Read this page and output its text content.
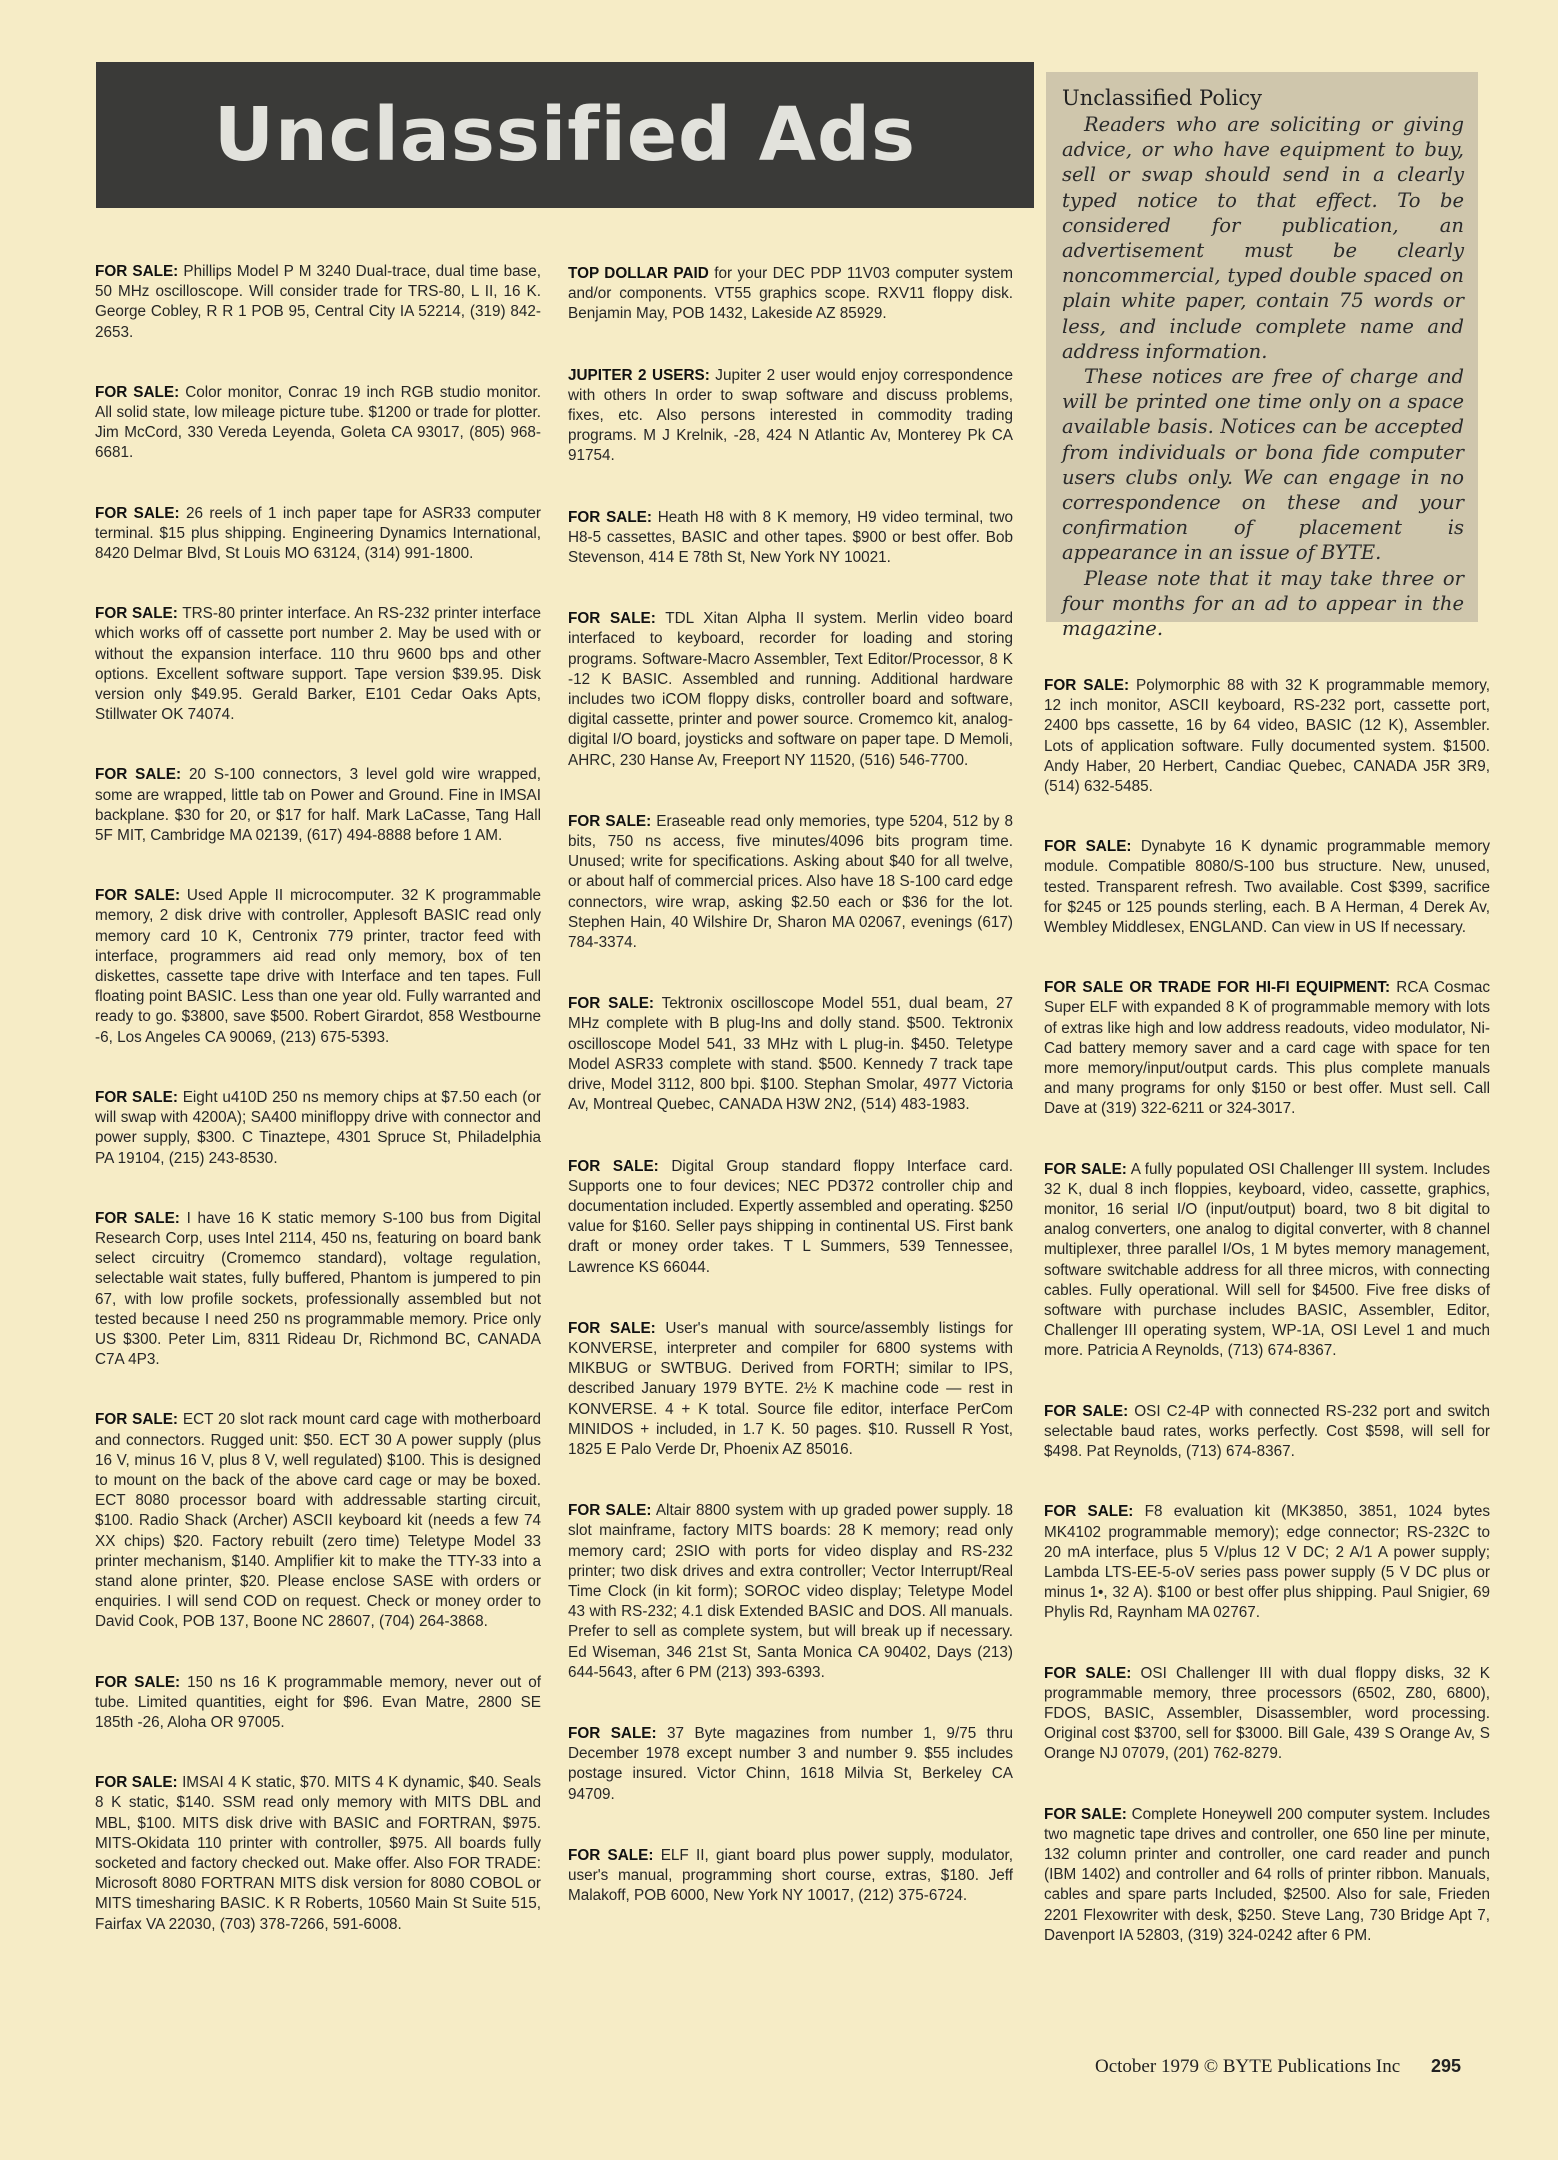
Unclassified Ads	Unclassified Policy

Readers who are soliciting or giving advice, or who have equipment to buy, sell or swap should send in a clearly typed notice to that effect. To be considered for publication, an advertisement must be clearly noncommercial, typed double spaced on plain white paper, contain 75 words or less, and include complete name and address information.

These notices are free of charge and will be printed one time only on a space available basis. Notices can be accepted from individuals or bona fide computer users clubs only. We can engage in no correspondence on these and your confirmation of placement is appearance in an issue of BYTE.

Please note that it may take three or four months for an ad to appear in the magazine.

FOR SALE: Phillips Model P M 3240 Dual-trace, dual time base, 50 MHz oscilloscope. Will consider trade for TRS-80, L II, 16 K. George Cobley, R R 1 POB 95, Central City IA 52214, (319) 842-2653.

FOR SALE: Color monitor, Conrac 19 inch RGB studio monitor. All solid state, low mileage picture tube. $1200 or trade for plotter. Jim McCord, 330 Vereda Leyenda, Goleta CA 93017, (805) 968-6681.

FOR SALE: 26 reels of 1 inch paper tape for ASR33 computer terminal. $15 plus shipping. Engineering Dynamics International, 8420 Delmar Blvd, St Louis MO 63124, (314) 991-1800.

FOR SALE: TRS-80 printer interface. An RS-232 printer interface which works off of cassette port number 2. May be used with or without the expansion interface. 110 thru 9600 bps and other options. Excellent software support. Tape version $39.95. Disk version only $49.95. Gerald Barker, E101 Cedar Oaks Apts, Stillwater OK 74074.

FOR SALE: 20 S-100 connectors, 3 level gold wire wrapped, some are wrapped, little tab on Power and Ground. Fine in IMSAI backplane. $30 for 20, or $17 for half. Mark LaCasse, Tang Hall 5F MIT, Cambridge MA 02139, (617) 494-8888 before 1 AM.

FOR SALE: Used Apple II microcomputer. 32 K programmable memory, 2 disk drive with controller, Applesoft BASIC read only memory card 10 K, Centronix 779 printer, tractor feed with interface, programmers aid read only memory, box of ten diskettes, cassette tape drive with Interface and ten tapes. Full floating point BASIC. Less than one year old. Fully warranted and ready to go. $3800, save $500. Robert Girardot, 858 Westbourne -6, Los Angeles CA 90069, (213) 675-5393.

FOR SALE: Eight u410D 250 ns memory chips at $7.50 each (or will swap with 4200A); SA400 minifloppy drive with connector and power supply, $300. C Tinaztepe, 4301 Spruce St, Philadelphia PA 19104, (215) 243-8530.

FOR SALE: I have 16 K static memory S-100 bus from Digital Research Corp, uses Intel 2114, 450 ns, featuring on board bank select circuitry (Cromemco standard), voltage regulation, selectable wait states, fully buffered, Phantom is jumpered to pin 67, with low profile sockets, professionally assembled but not tested because I need 250 ns programmable memory. Price only US $300. Peter Lim, 8311 Rideau Dr, Richmond BC, CANADA C7A 4P3.

FOR SALE: ECT 20 slot rack mount card cage with motherboard and connectors. Rugged unit: $50. ECT 30 A power supply (plus 16 V, minus 16 V, plus 8 V, well regulated) $100. This is designed to mount on the back of the above card cage or may be boxed. ECT 8080 processor board with addressable starting circuit, $100. Radio Shack (Archer) ASCII keyboard kit (needs a few 74 XX chips) $20. Factory rebuilt (zero time) Teletype Model 33 printer mechanism, $140. Amplifier kit to make the TTY-33 into a stand alone printer, $20. Please enclose SASE with orders or enquiries. I will send COD on request. Check or money order to David Cook, POB 137, Boone NC 28607, (704) 264-3868.

FOR SALE: 150 ns 16 K programmable memory, never out of tube. Limited quantities, eight for $96. Evan Matre, 2800 SE 185th -26, Aloha OR 97005.

FOR SALE: IMSAI 4 K static, $70. MITS 4 K dynamic, $40. Seals 8 K static, $140. SSM read only memory with MITS DBL and MBL, $100. MITS disk drive with BASIC and FORTRAN, $975. MITS-Okidata 110 printer with controller, $975. All boards fully socketed and factory checked out. Make offer. Also FOR TRADE: Microsoft 8080 FORTRAN MITS disk version for 8080 COBOL or MITS timesharing BASIC. K R Roberts, 10560 Main St Suite 515, Fairfax VA 22030, (703) 378-7266, 591-6008.

TOP DOLLAR PAID for your DEC PDP 11V03 computer system and/or components. VT55 graphics scope. RXV11 floppy disk. Benjamin May, POB 1432, Lakeside AZ 85929.

JUPITER 2 USERS: Jupiter 2 user would enjoy correspondence with others In order to swap software and discuss problems, fixes, etc. Also persons interested in commodity trading programs. M J Krelnik, -28, 424 N Atlantic Av, Monterey Pk CA 91754.

FOR SALE: Heath H8 with 8 K memory, H9 video terminal, two H8-5 cassettes, BASIC and other tapes. $900 or best offer. Bob Stevenson, 414 E 78th St, New York NY 10021.

FOR SALE: TDL Xitan Alpha II system. Merlin video board interfaced to keyboard, recorder for loading and storing programs. Software-Macro Assembler, Text Editor/Processor, 8 K -12 K BASIC. Assembled and running. Additional hardware includes two iCOM floppy disks, controller board and software, digital cassette, printer and power source. Cromemco kit, analog-digital I/O board, joysticks and software on paper tape. D Memoli, AHRC, 230 Hanse Av, Freeport NY 11520, (516) 546-7700.

FOR SALE: Eraseable read only memories, type 5204, 512 by 8 bits, 750 ns access, five minutes/4096 bits program time. Unused; write for specifications. Asking about $40 for all twelve, or about half of commercial prices. Also have 18 S-100 card edge connectors, wire wrap, asking $2.50 each or $36 for the lot. Stephen Hain, 40 Wilshire Dr, Sharon MA 02067, evenings (617) 784-3374.

FOR SALE: Tektronix oscilloscope Model 551, dual beam, 27 MHz complete with B plug-Ins and dolly stand. $500. Tektronix oscilloscope Model 541, 33 MHz with L plug-in. $450. Teletype Model ASR33 complete with stand. $500. Kennedy 7 track tape drive, Model 3112, 800 bpi. $100. Stephan Smolar, 4977 Victoria Av, Montreal Quebec, CANADA H3W 2N2, (514) 483-1983.

FOR SALE: Digital Group standard floppy Interface card. Supports one to four devices; NEC PD372 controller chip and documentation included. Expertly assembled and operating. $250 value for $160. Seller pays shipping in continental US. First bank draft or money order takes. T L Summers, 539 Tennessee, Lawrence KS 66044.

FOR SALE: User's manual with source/assembly listings for KONVERSE, interpreter and compiler for 6800 systems with MIKBUG or SWTBUG. Derived from FORTH; similar to IPS, described January 1979 BYTE. 2½ K machine code — rest in KONVERSE. 4 + K total. Source file editor, interface PerCom MINIDOS + included, in 1.7 K. 50 pages. $10. Russell R Yost, 1825 E Palo Verde Dr, Phoenix AZ 85016.

FOR SALE: Altair 8800 system with up graded power supply. 18 slot mainframe, factory MITS boards: 28 K memory; read only memory card; 2SIO with ports for video display and RS-232 printer; two disk drives and extra controller; Vector Interrupt/Real Time Clock (in kit form); SOROC video display; Teletype Model 43 with RS-232; 4.1 disk Extended BASIC and DOS. All manuals. Prefer to sell as complete system, but will break up if necessary. Ed Wiseman, 346 21st St, Santa Monica CA 90402, Days (213) 644-5643, after 6 PM (213) 393-6393.

FOR SALE: 37 Byte magazines from number 1, 9/75 thru December 1978 except number 3 and number 9. $55 includes postage insured. Victor Chinn, 1618 Milvia St, Berkeley CA 94709.

FOR SALE: ELF II, giant board plus power supply, modulator, user's manual, programming short course, extras, $180. Jeff Malakoff, POB 6000, New York NY 10017, (212) 375-6724.

FOR SALE: Polymorphic 88 with 32 K programmable memory, 12 inch monitor, ASCII keyboard, RS-232 port, cassette port, 2400 bps cassette, 16 by 64 video, BASIC (12 K), Assembler. Lots of application software. Fully documented system. $1500. Andy Haber, 20 Herbert, Candiac Quebec, CANADA J5R 3R9, (514) 632-5485.

FOR SALE: Dynabyte 16 K dynamic programmable memory module. Compatible 8080/S-100 bus structure. New, unused, tested. Transparent refresh. Two available. Cost $399, sacrifice for $245 or 125 pounds sterling, each. B A Herman, 4 Derek Av, Wembley Middlesex, ENGLAND. Can view in US If necessary.

FOR SALE OR TRADE FOR HI-FI EQUIPMENT: RCA Cosmac Super ELF with expanded 8 K of programmable memory with lots of extras like high and low address readouts, video modulator, Ni-Cad battery memory saver and a card cage with space for ten more memory/input/output cards. This plus complete manuals and many programs for only $150 or best offer. Must sell. Call Dave at (319) 322-6211 or 324-3017.

FOR SALE: A fully populated OSI Challenger III system. Includes 32 K, dual 8 inch floppies, keyboard, video, cassette, graphics, monitor, 16 serial I/O (input/output) board, two 8 bit digital to analog converters, one analog to digital converter, with 8 channel multiplexer, three parallel I/Os, 1 M bytes memory management, software switchable address for all three micros, with connecting cables. Fully operational. Will sell for $4500. Five free disks of software with purchase includes BASIC, Assembler, Editor, Challenger III operating system, WP-1A, OSI Level 1 and much more. Patricia A Reynolds, (713) 674-8367.

FOR SALE: OSI C2-4P with connected RS-232 port and switch selectable baud rates, works perfectly. Cost $598, will sell for $498. Pat Reynolds, (713) 674-8367.

FOR SALE: F8 evaluation kit (MK3850, 3851, 1024 bytes MK4102 programmable memory); edge connector; RS-232C to 20 mA interface, plus 5 V/plus 12 V DC; 2 A/1 A power supply; Lambda LTS-EE-5-oV series pass power supply (5 V DC plus or minus 1•, 32 A). $100 or best offer plus shipping. Paul Snigier, 69 Phylis Rd, Raynham MA 02767.

FOR SALE: OSI Challenger III with dual floppy disks, 32 K programmable memory, three processors (6502, Z80, 6800), FDOS, BASIC, Assembler, Disassembler, word processing. Original cost $3700, sell for $3000. Bill Gale, 439 S Orange Av, S Orange NJ 07079, (201) 762-8279.

FOR SALE: Complete Honeywell 200 computer system. Includes two magnetic tape drives and controller, one 650 line per minute, 132 column printer and controller, one card reader and punch (IBM 1402) and controller and 64 rolls of printer ribbon. Manuals, cables and spare parts Included, $2500. Also for sale, Frieden 2201 Flexowriter with desk, $250. Steve Lang, 730 Bridge Apt 7, Davenport IA 52803, (319) 324-0242 after 6 PM.

October 1979 © BYTE Publications Inc 295
